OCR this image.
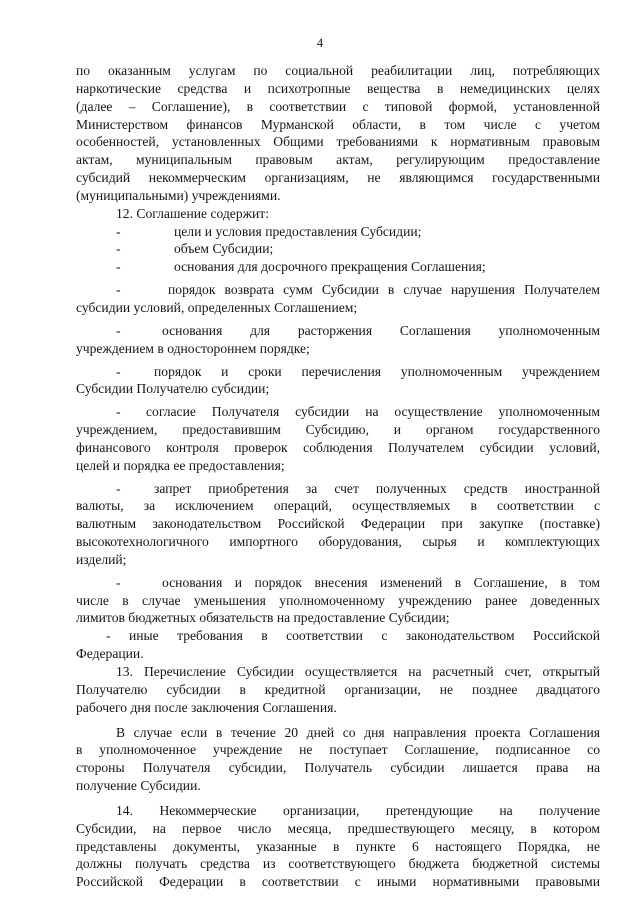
4

по оказанным услугам по социальной реабилитации лиц, потребляющих

наркотические средства и психотропные вещества в немедицинских целях

(далее – Соглашение), в соответствии с типовой формой, установленной

Министерством финансов Мурманской области, в том числе с учетом

особенностей, установленных Общими требованиями к нормативным правовым

актам, муниципальным правовым актам, регулирующим предоставление

субсидий некоммерческим организациям, не являющимся государственными

(муниципальными) учреждениями.

12. Соглашение содержит:

-	цели и условия предоставления Субсидии;

-	объем Субсидии;

-	основания для досрочного прекращения Соглашения;

-	порядок возврата сумм Субсидии в случае нарушения Получателем

субсидии условий, определенных Соглашением;

-	основания для расторжения Соглашения уполномоченным

учреждением в одностороннем порядке;

- порядок и сроки перечисления уполномоченным учреждением

Субсидии Получателю субсидии;

- согласие Получателя субсидии на осуществление уполномоченным

учреждением, предоставившим Субсидию, и органом государственного

финансового контроля проверок соблюдения Получателем субсидии условий,

целей и порядка ее предоставления;

- запрет приобретения за счет полученных средств иностранной

валюты, за исключением операций, осуществляемых в соответствии с

валютным законодательством Российской Федерации при закупке (поставке)

высокотехнологичного импортного оборудования, сырья и комплектующих

изделий;

-	основания и порядок внесения изменений в Соглашение, в том

числе в случае уменьшения уполномоченному учреждению ранее доведенных

лимитов бюджетных обязательств на предоставление Субсидии;

- иные требования в соответствии с законодательством Российской

Федерации.

13. Перечисление Субсидии осуществляется на расчетный счет, открытый

Получателю субсидии в кредитной организации, не позднее двадцатого

рабочего дня после заключения Соглашения.

В случае если в течение 20 дней со дня направления проекта Соглашения

в уполномоченное учреждение не поступает Соглашение, подписанное со

стороны Получателя субсидии, Получатель субсидии лишается права на

получение Субсидии.

14. Некоммерческие организации, претендующие на получение

Субсидии, на первое число месяца, предшествующего месяцу, в котором

представлены документы, указанные в пункте 6 настоящего Порядка, не

должны получать средства из соответствующего бюджета бюджетной системы

Российской Федерации в соответствии с иными нормативными правовыми
